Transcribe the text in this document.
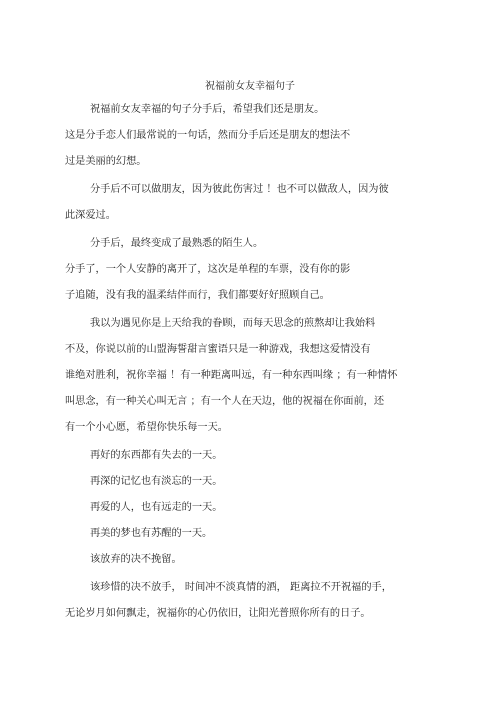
祝福前女友幸福句子
祝福前女友幸福的句子分手后，希望我们还是朋友。
这是分手恋人们最常说的一句话，然而分手后还是朋友的想法不
过是美丽的幻想。
分手后不可以做朋友，因为彼此伤害过 ！也不可以做敌人，因为彼
此深爱过。
分手后，最终变成了最熟悉的陌生人。
分手了，一个人安静的离开了，这次是单程的车票，没有你的影
子追随，没有我的温柔结伴而行，我们都要好好照顾自己。
我以为遇见你是上天给我的眷顾，而每天思念的煎熬却让我始料
不及，你说以前的山盟海誓甜言蜜语只是一种游戏，我想这爱情没有
谁绝对胜利，祝你幸福 ！有一种距离叫远，有一种东西叫缘 ；有一种情怀
叫思念，有一种关心叫无言 ；有一个人在天边，他的祝福在你面前，还
有一个小心愿，希望你快乐每一天。
再好的东西都有失去的一天。
再深的记忆也有淡忘的一天。
再爱的人，也有远走的一天。
再美的梦也有苏醒的一天。
该放弃的决不挽留。
该珍惜的决不放手， 时间冲不淡真情的酒， 距离拉不开祝福的手，
无论岁月如何飘走，祝福你的心仍依旧，让阳光普照你所有的日子。
